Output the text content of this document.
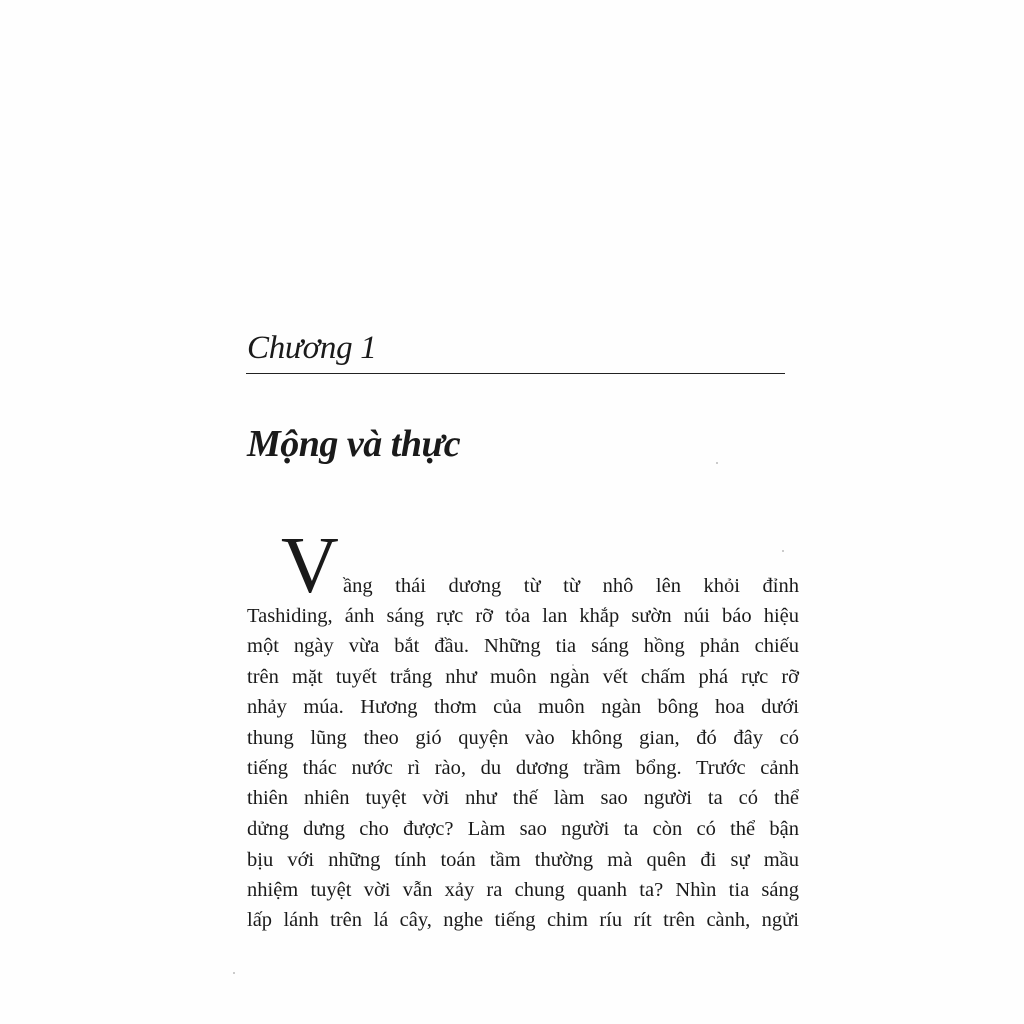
Chương 1
Mộng và thực
V ầng thái dương từ từ nhô lên khỏi đỉnh
Tashiding, ánh sáng rực rỡ tỏa lan khắp sườn núi báo hiệu
một ngày vừa bắt đầu. Những tia sáng hồng phản chiếu
trên mặt tuyết trắng như muôn ngàn vết chấm phá rực rỡ
nhảy múa. Hương thơm của muôn ngàn bông hoa dưới
thung lũng theo gió quyện vào không gian, đó đây có
tiếng thác nước rì rào, du dương trầm bổng. Trước cảnh
thiên nhiên tuyệt vời như thế làm sao người ta có thể
dửng dưng cho được? Làm sao người ta còn có thể bận
bịu với những tính toán tầm thường mà quên đi sự mầu
nhiệm tuyệt vời vẫn xảy ra chung quanh ta? Nhìn tia sáng
lấp lánh trên lá cây, nghe tiếng chim ríu rít trên cành, ngửi
